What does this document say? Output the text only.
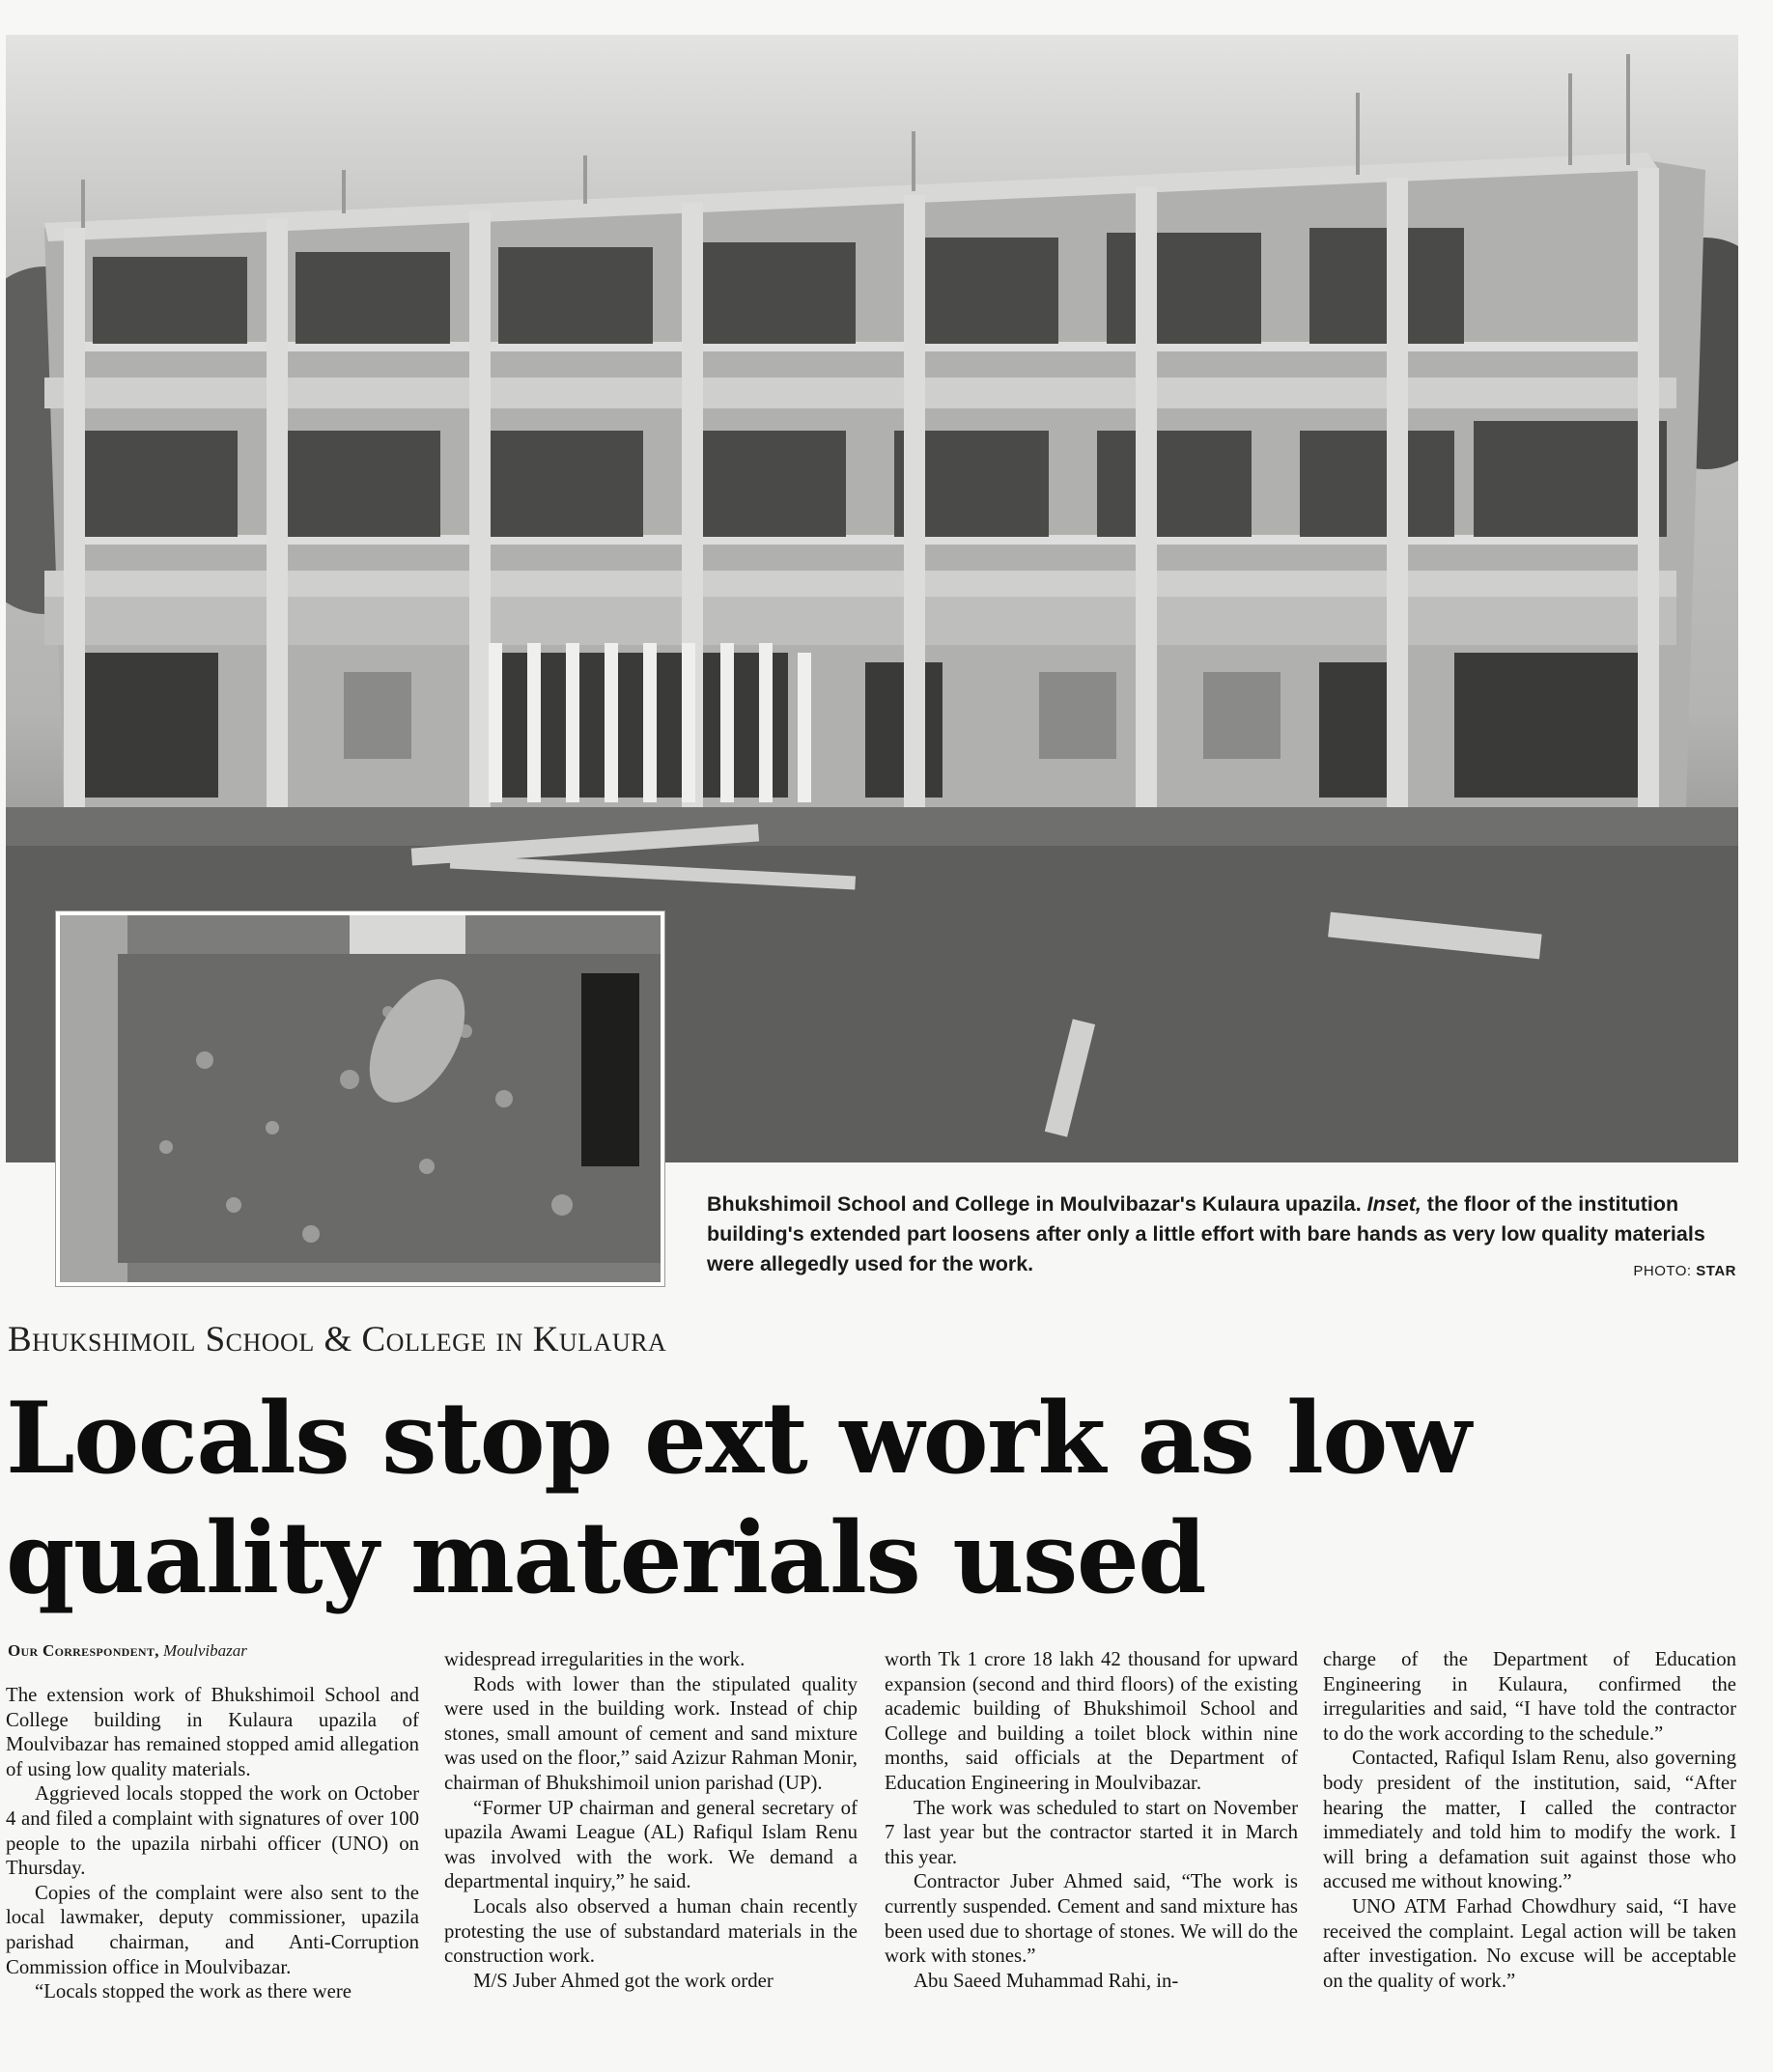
Bhukshimoil School and College in Moulvibazar's Kulaura upazila. Inset, the floor of the institution building's extended part loosens after only a little effort with bare hands as very low quality materials were allegedly used for the work.	PHOTO: STAR
Bhukshimoil School & College in Kulaura
Locals stop ext work as low quality materials used
Our Correspondent, Moulvibazar

The extension work of Bhukshimoil School and College building in Kulaura upazila of Moulvibazar has remained stopped amid allegation of using low quality materials.

Aggrieved locals stopped the work on October 4 and filed a complaint with signatures of over 100 people to the upazila nirbahi officer (UNO) on Thursday.

Copies of the complaint were also sent to the local lawmaker, deputy commissioner, upazila parishad chairman, and Anti-Corruption Commission office in Moulvibazar.

“Locals stopped the work as there were

widespread irregularities in the work.

Rods with lower than the stipulated quality were used in the building work. Instead of chip stones, small amount of cement and sand mixture was used on the floor,” said Azizur Rahman Monir, chairman of Bhukshimoil union parishad (UP).

“Former UP chairman and general secretary of upazila Awami League (AL) Rafiqul Islam Renu was involved with the work. We demand a departmental inquiry,” he said.

Locals also observed a human chain recently protesting the use of substandard materials in the construction work.

M/S Juber Ahmed got the work order

worth Tk 1 crore 18 lakh 42 thousand for upward expansion (second and third floors) of the existing academic building of Bhukshimoil School and College and building a toilet block within nine months, said officials at the Department of Education Engineering in Moulvibazar.

The work was scheduled to start on November 7 last year but the contractor started it in March this year.

Contractor Juber Ahmed said, “The work is currently suspended. Cement and sand mixture has been used due to shortage of stones. We will do the work with stones.”

Abu Saeed Muhammad Rahi, in-

charge of the Department of Education Engineering in Kulaura, confirmed the irregularities and said, “I have told the contractor to do the work according to the schedule.”

Contacted, Rafiqul Islam Renu, also governing body president of the institution, said, “After hearing the matter, I called the contractor immediately and told him to modify the work. I will bring a defamation suit against those who accused me without knowing.”

UNO ATM Farhad Chowdhury said, “I have received the complaint. Legal action will be taken after investigation. No excuse will be acceptable on the quality of work.”
